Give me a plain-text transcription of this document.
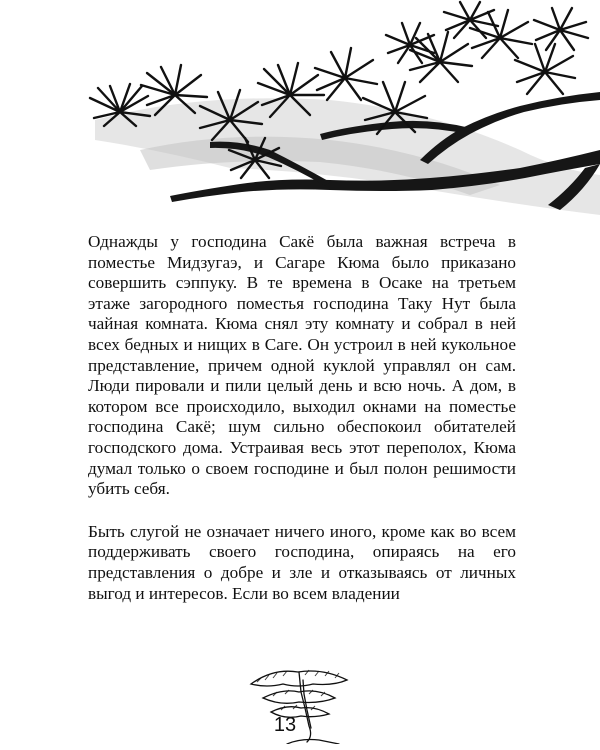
Однажды у господина Сакё была важная встреча в поместье Мидзугаэ, и Сагаре Кюма было приказано совершить сэппуку. В те времена в Осаке на третьем этаже загородного поместья господина Таку Нут была чайная комната. Кюма снял эту комнату и собрал в ней всех бедных и нищих в Саге. Он устроил в ней кукольное представление, причем одной куклой управлял он сам. Люди пировали и пили целый день и всю ночь. А дом, в котором все происходило, выходил окнами на поместье господина Сакё; шум сильно обеспокоил обитателей господского дома. Устраивая весь этот переполох, Кюма думал только о своем господине и был полон решимости убить себя.

Быть слугой не означает ничего иного, кроме как во всем поддерживать своего господина, опираясь на его представления о добре и зле и отказываясь от личных выгод и интересов. Если во всем владении

13
